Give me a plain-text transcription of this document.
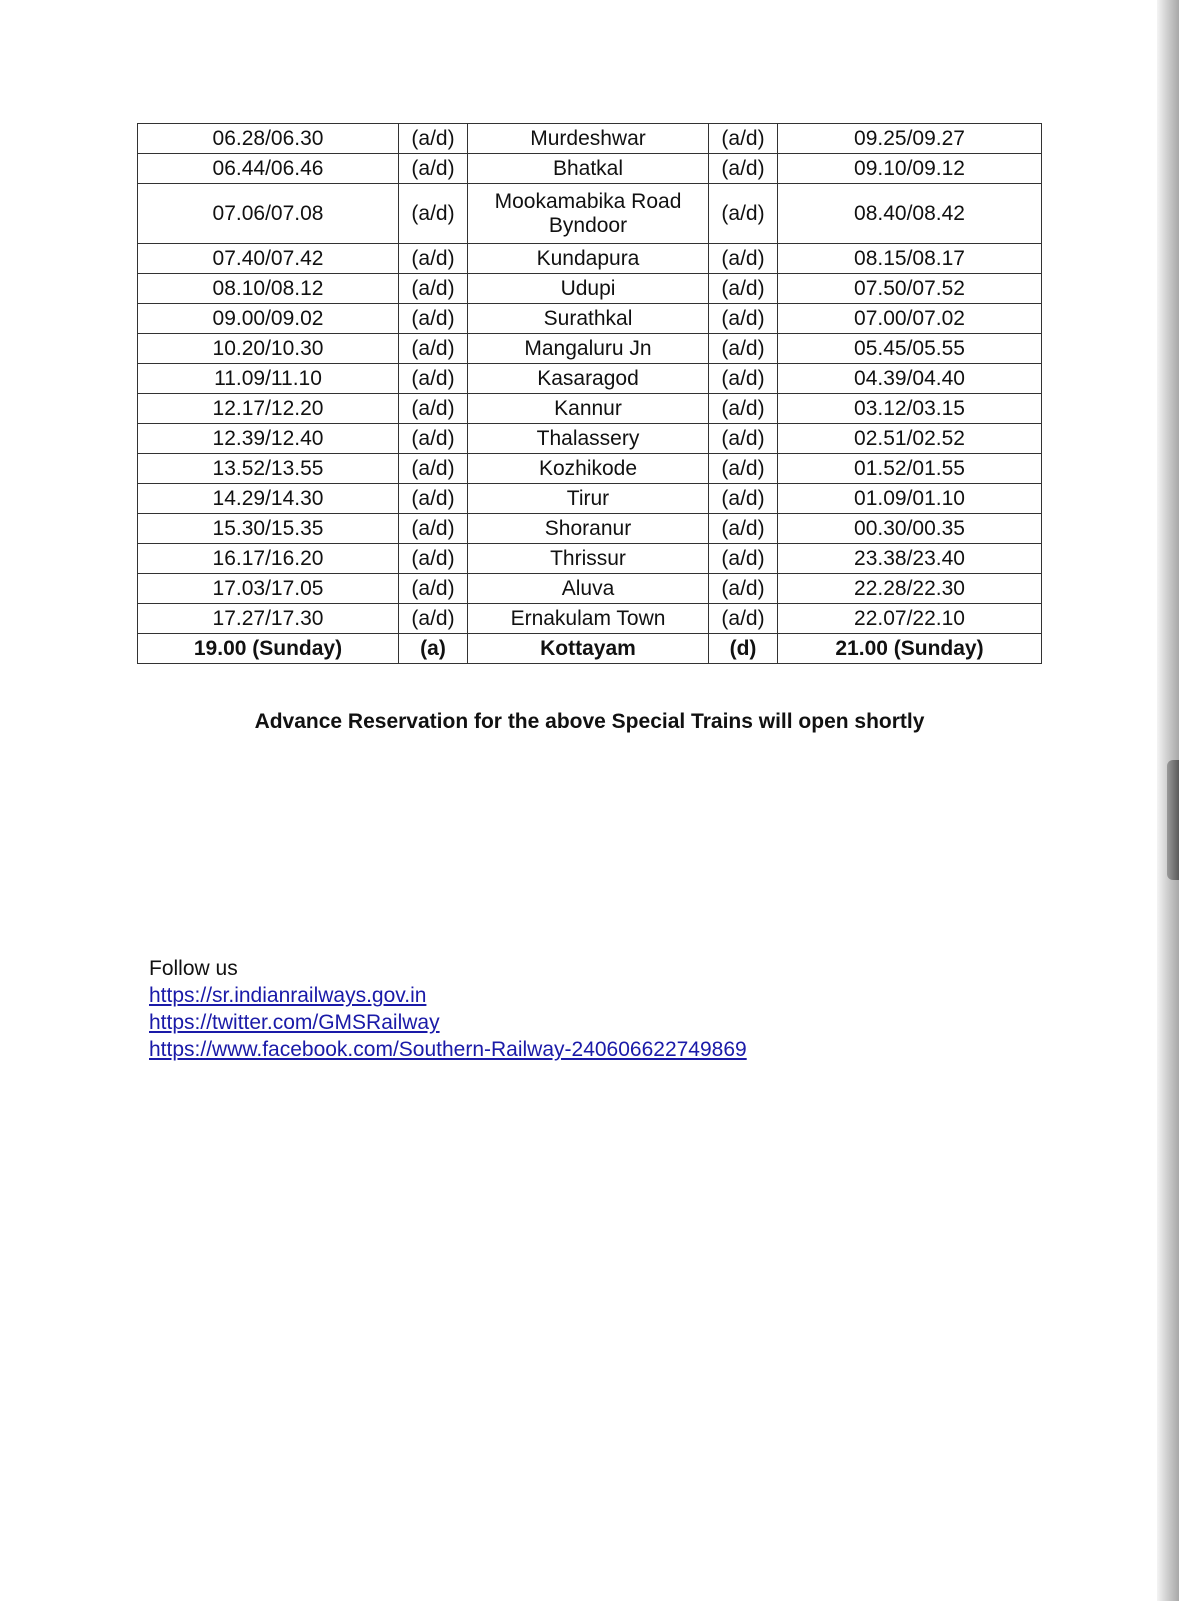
06.28/06.30	(a/d)	Murdeshwar	(a/d)	09.25/09.27
06.44/06.46	(a/d)	Bhatkal	(a/d)	09.10/09.12
07.06/07.08	(a/d)	Mookamabika Road Byndoor	(a/d)	08.40/08.42
07.40/07.42	(a/d)	Kundapura	(a/d)	08.15/08.17
08.10/08.12	(a/d)	Udupi	(a/d)	07.50/07.52
09.00/09.02	(a/d)	Surathkal	(a/d)	07.00/07.02
10.20/10.30	(a/d)	Mangaluru Jn	(a/d)	05.45/05.55
11.09/11.10	(a/d)	Kasaragod	(a/d)	04.39/04.40
12.17/12.20	(a/d)	Kannur	(a/d)	03.12/03.15
12.39/12.40	(a/d)	Thalassery	(a/d)	02.51/02.52
13.52/13.55	(a/d)	Kozhikode	(a/d)	01.52/01.55
14.29/14.30	(a/d)	Tirur	(a/d)	01.09/01.10
15.30/15.35	(a/d)	Shoranur	(a/d)	00.30/00.35
16.17/16.20	(a/d)	Thrissur	(a/d)	23.38/23.40
17.03/17.05	(a/d)	Aluva	(a/d)	22.28/22.30
17.27/17.30	(a/d)	Ernakulam Town	(a/d)	22.07/22.10
19.00 (Sunday)	(a)	Kottayam	(d)	21.00 (Sunday)
Advance Reservation for the above Special Trains will open shortly
Follow us
https://sr.indianrailways.gov.in
https://twitter.com/GMSRailway
https://www.facebook.com/Southern-Railway-240606622749869
